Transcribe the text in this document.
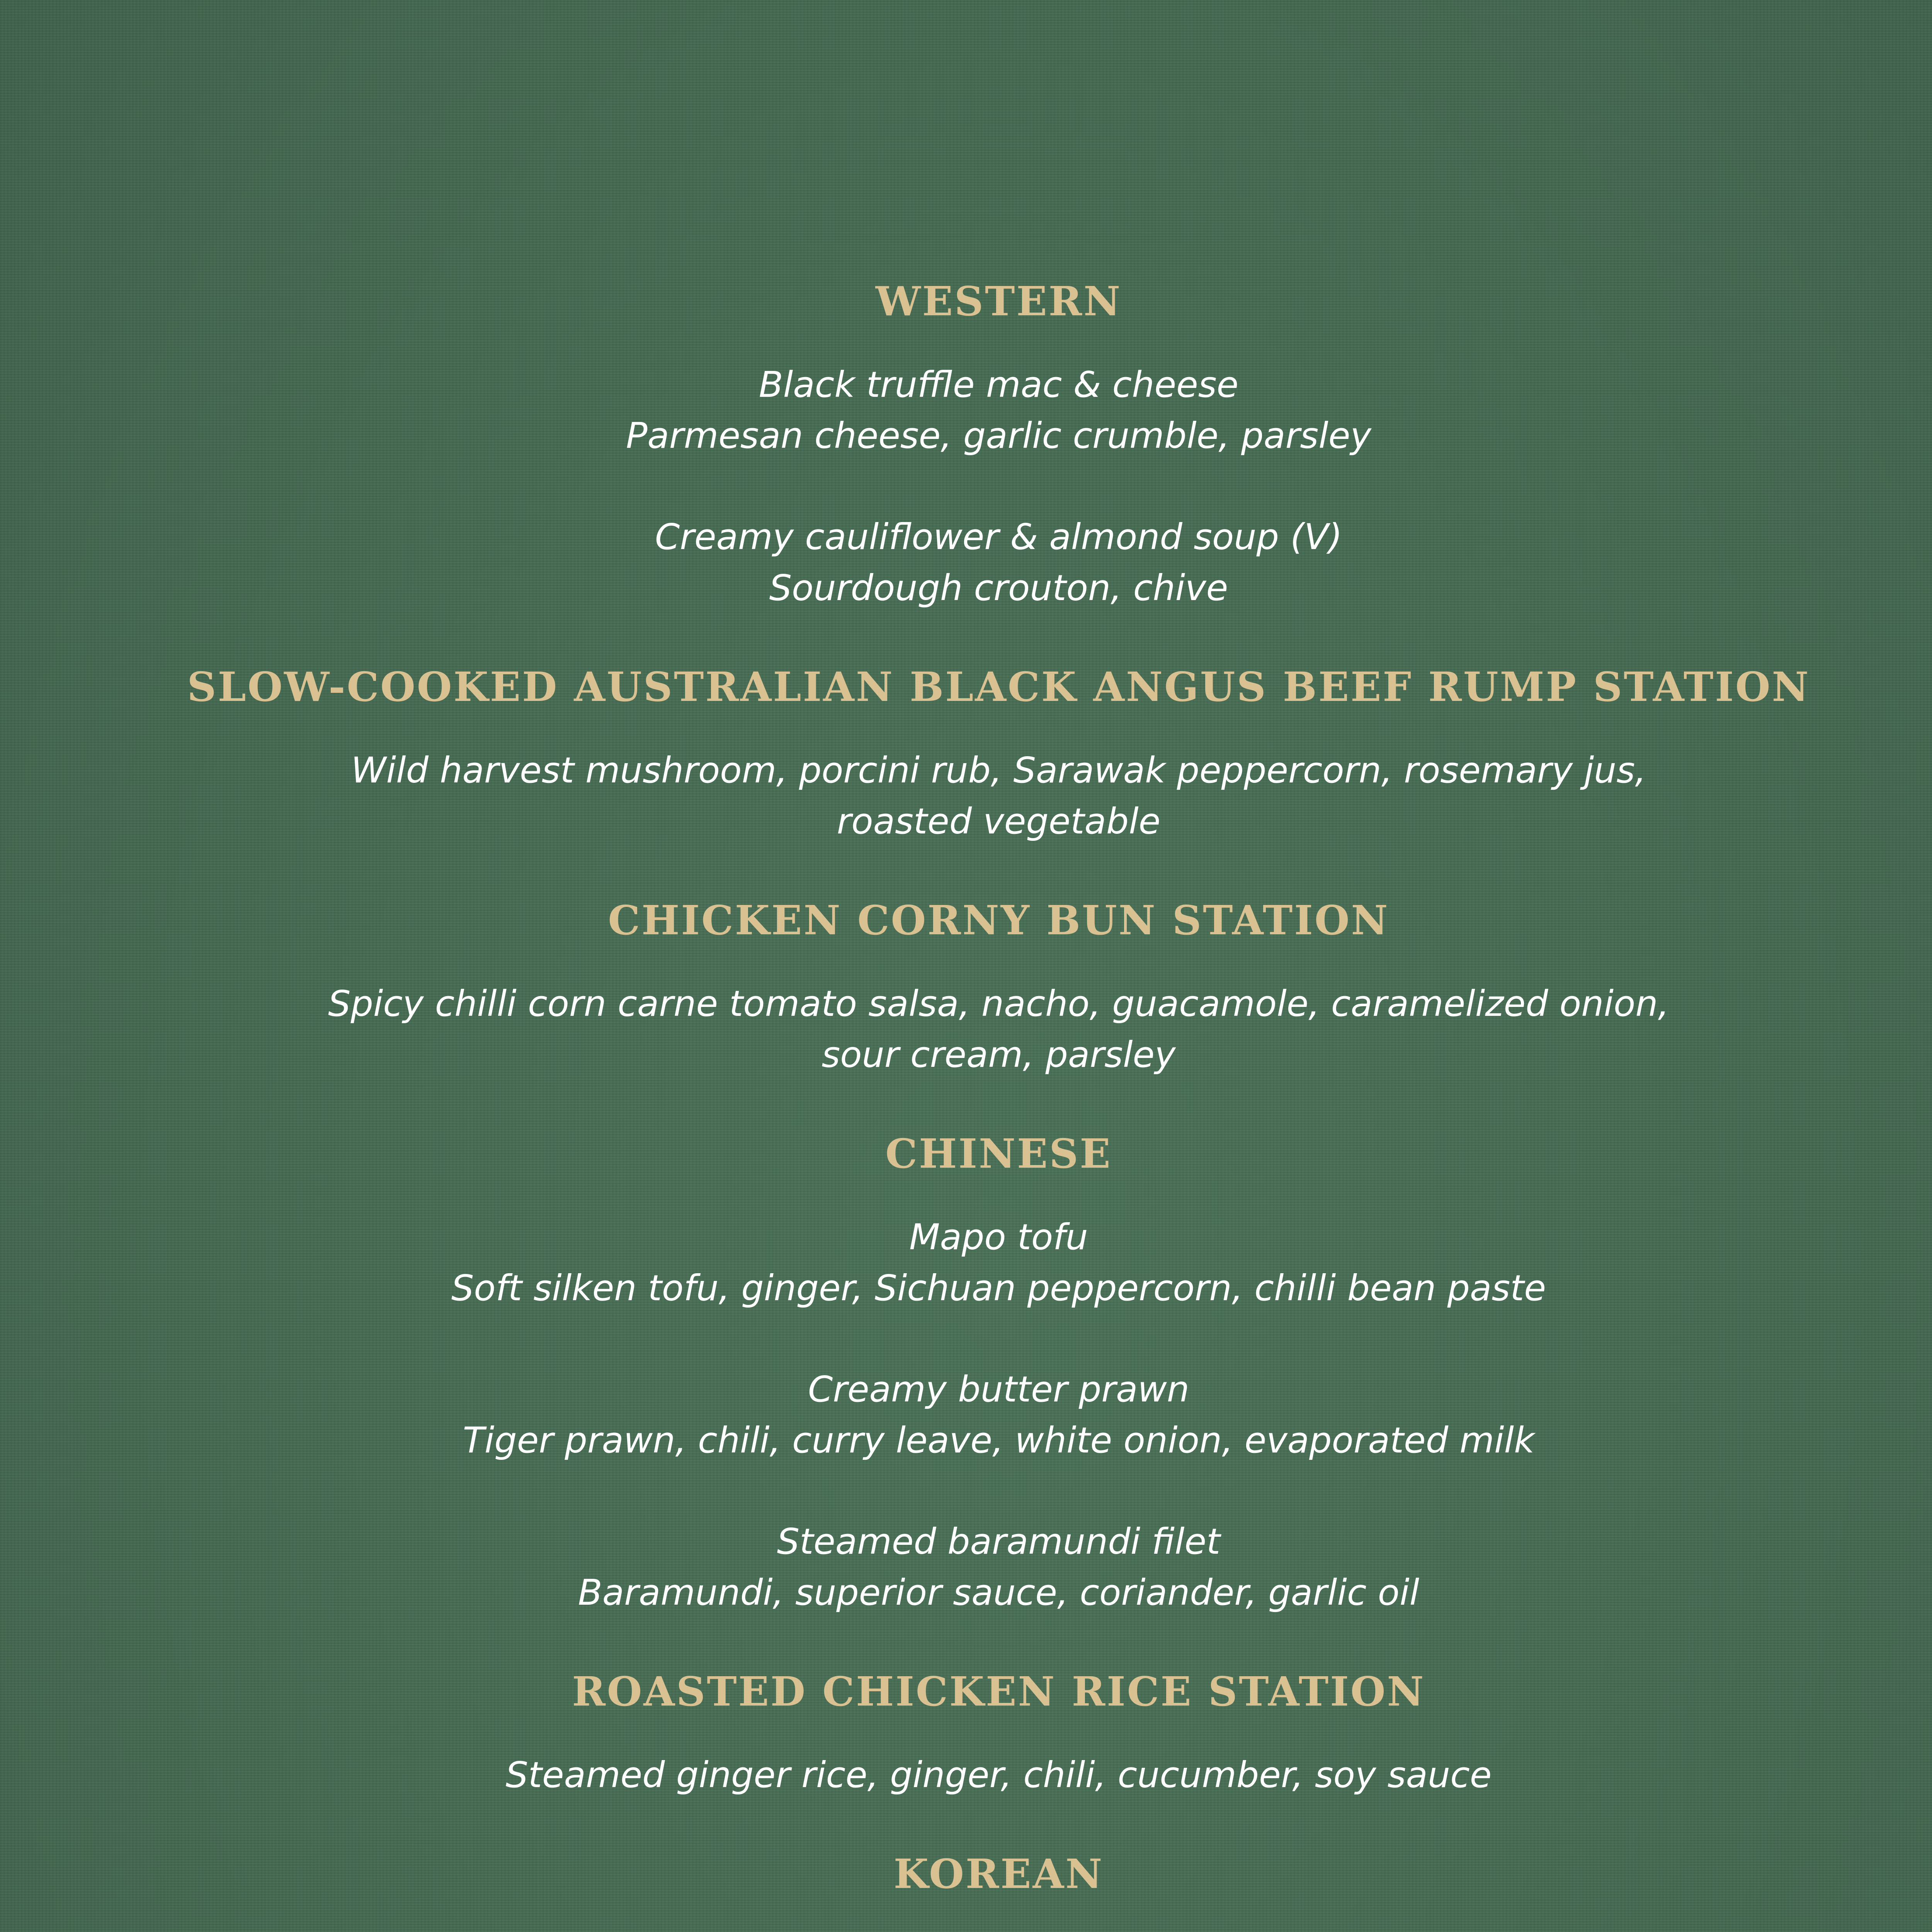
WESTERN

Black truffle mac & cheese

Parmesan cheese, garlic crumble, parsley

Creamy cauliflower & almond soup (V)

Sourdough crouton, chive

SLOW-COOKED AUSTRALIAN BLACK ANGUS BEEF RUMP STATION

Wild harvest mushroom, porcini rub, Sarawak peppercorn, rosemary jus,

roasted vegetable

CHICKEN CORNY BUN STATION

Spicy chilli corn carne tomato salsa, nacho, guacamole, caramelized onion,

sour cream, parsley

CHINESE

Mapo tofu

Soft silken tofu, ginger, Sichuan peppercorn, chilli bean paste

Creamy butter prawn

Tiger prawn, chili, curry leave, white onion, evaporated milk

Steamed baramundi filet

Baramundi, superior sauce, coriander, garlic oil

ROASTED CHICKEN RICE STATION

Steamed ginger rice, ginger, chili, cucumber, soy sauce

KOREAN
